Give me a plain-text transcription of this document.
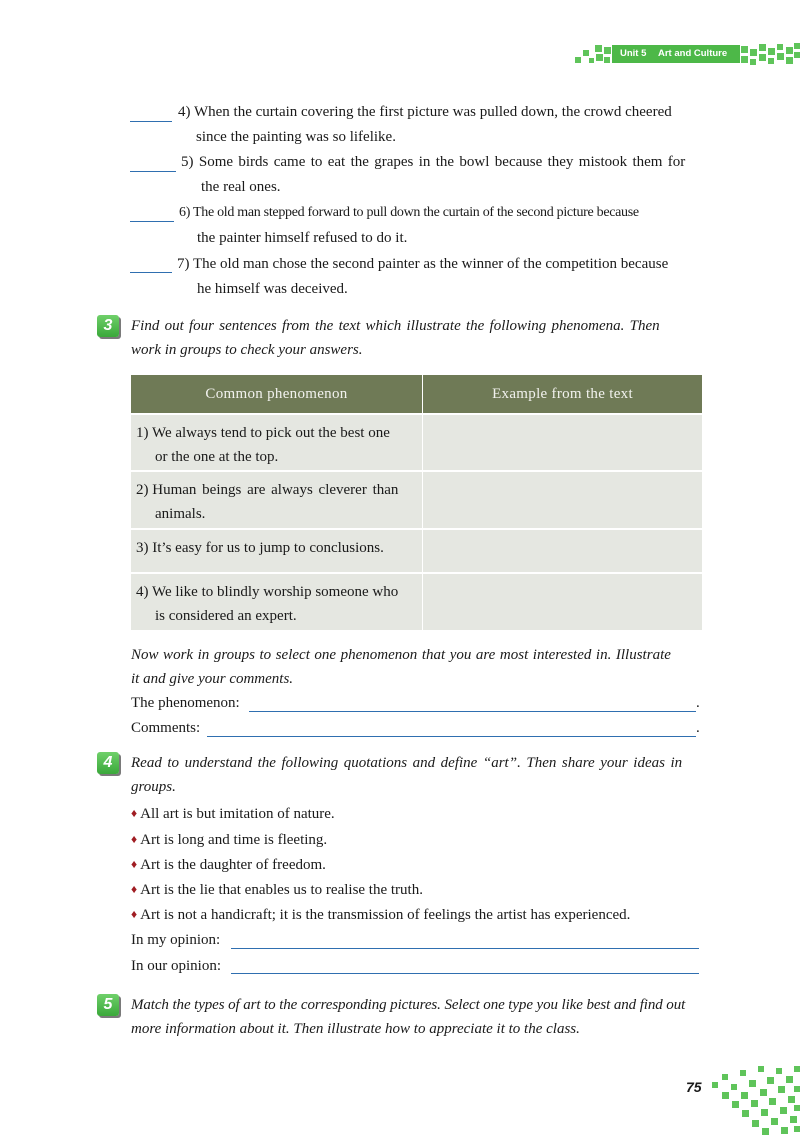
Unit 5 Art and Culture
4) When the curtain covering the first picture was pulled down, the crowd cheered
since the painting was so lifelike.
5) Some birds came to eat the grapes in the bowl because they mistook them for
the real ones.
6) The old man stepped forward to pull down the curtain of the second picture because
the painter himself refused to do it.
7) The old man chose the second painter as the winner of the competition because
he himself was deceived.
3	Find out four sentences from the text which illustrate the following phenomena. Then
work in groups to check your answers.
Common phenomenon	Example from the text
1) We always tend to pick out the best one
or the one at the top.	

2) Human beings are always cleverer than
animals.	

3) It’s easy for us to jump to conclusions.	
4) We like to blindly worship someone who
is considered an expert.	

Now work in groups to select one phenomenon that you are most interested in. Illustrate
it and give your comments.
The phenomenon:	.
Comments:	.
4	Read to understand the following quotations and define “art”. Then share your ideas in
groups.
♦ All art is but imitation of nature.
♦ Art is long and time is fleeting.
♦ Art is the daughter of freedom.
♦ Art is the lie that enables us to realise the truth.
♦ Art is not a handicraft; it is the transmission of feelings the artist has experienced.
In my opinion:
In our opinion:
5	Match the types of art to the corresponding pictures. Select one type you like best and find out
more information about it. Then illustrate how to appreciate it to the class.
75
